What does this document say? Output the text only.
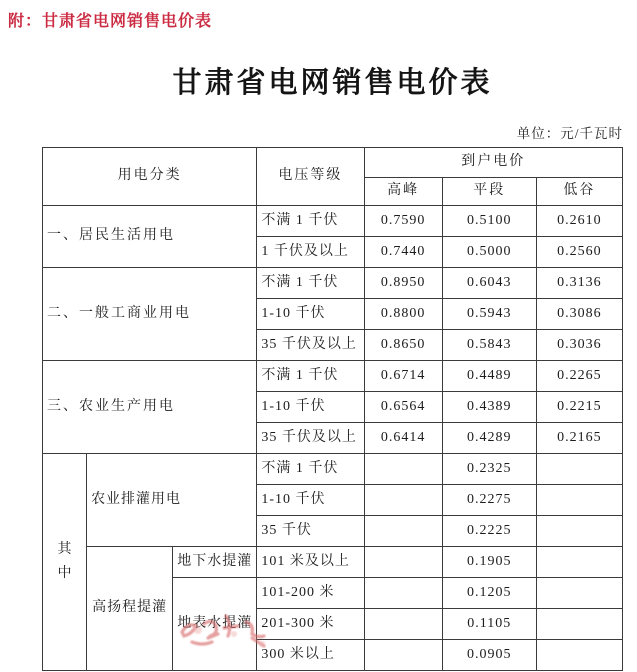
附：甘肃省电网销售电价表
甘肃省电网销售电价表
单位：元/千瓦时
用电分类			电压等级	到户电价		
				高峰	平段	低谷
一、居民生活用电			不满 1 千伏	0.7590	0.5100	0.2610
			1 千伏及以上	0.7440	0.5000	0.2560
二、一般工商业用电			不满 1 千伏	0.8950	0.6043	0.3136
			1-10 千伏	0.8800	0.5943	0.3086
			35 千伏及以上	0.8650	0.5843	0.3036
三、农业生产用电			不满 1 千伏	0.6714	0.4489	0.2265
			1-10 千伏	0.6564	0.4389	0.2215
			35 千伏及以上	0.6414	0.4289	0.2165

其中	农业排灌用电		不满 1 千伏		0.2325	
			1-10 千伏		0.2275	
			35 千伏		0.2225	
	高扬程提灌	地下水提灌	101 米及以上		0.1905	
		地表水提灌	101-200 米		0.1205	
			201-300 米		0.1105	
			300 米以上		0.0905	
